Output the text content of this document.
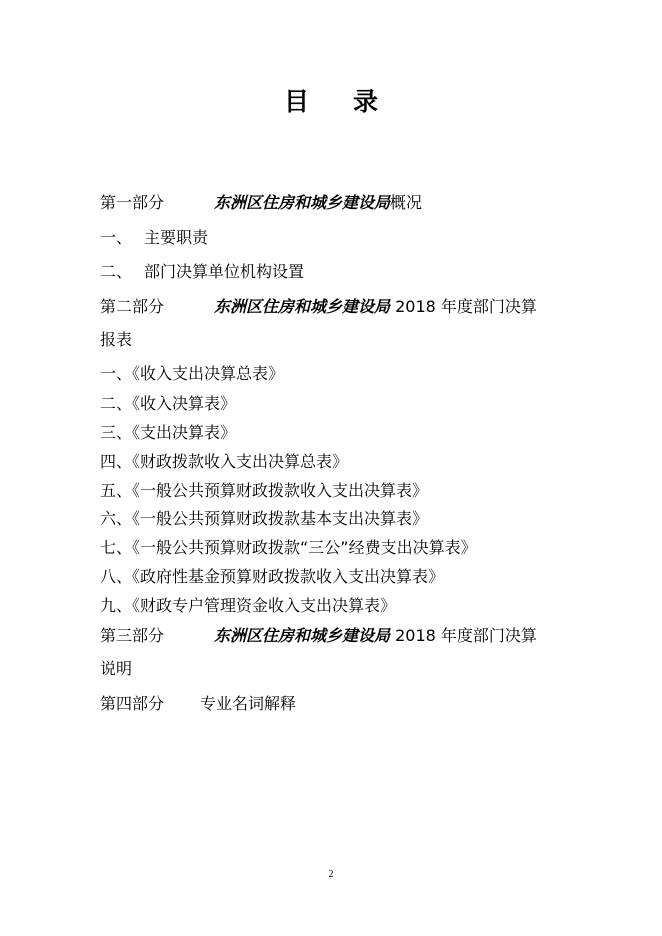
目 录
第一部分	东洲区住房和城乡建设局概况
一、 主要职责
二、 部门决算单位机构设置
第二部分	东洲区住房和城乡建设局 2018 年度部门决算
报表
一、《收入支出决算总表》
二、《收入决算表》
三、《支出决算表》
四、《财政拨款收入支出决算总表》
五、《一般公共预算财政拨款收入支出决算表》
六、《一般公共预算财政拨款基本支出决算表》
七、《一般公共预算财政拨款“三公”经费支出决算表》
八、《政府性基金预算财政拨款收入支出决算表》
九、《财政专户管理资金收入支出决算表》
第三部分	东洲区住房和城乡建设局 2018 年度部门决算
说明
第四部分 专业名词解释
2
